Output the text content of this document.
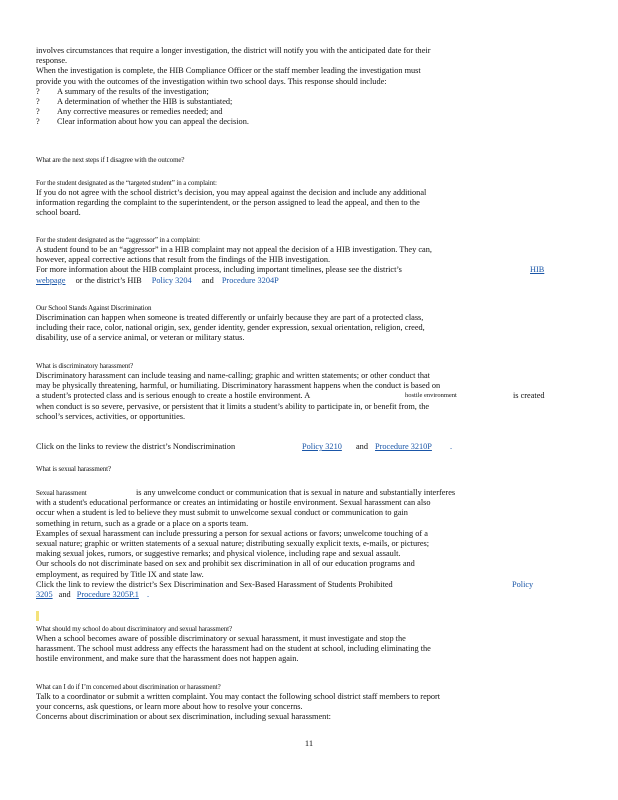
involves circumstances that require a longer investigation, the district will notify you with the anticipated date for their

response.

When the investigation is complete, the HIB Compliance Officer or the staff member leading the investigation must

provide you with the outcomes of the investigation within two school days. This response should include:

?	A summary of the results of the investigation;
?	A determination of whether the HIB is substantiated;
?	Any corrective measures or remedies needed; and
?	Clear information about how you can appeal the decision.

What are the next steps if I disagree with the outcome?

For the student designated as the “targeted student” in a complaint:

If you do not agree with the school district’s decision, you may appeal against the decision and include any additional

information regarding the complaint to the superintendent, or the person assigned to lead the appeal, and then to the

school board.

For the student designated as the “aggressor” in a complaint:

A student found to be an “aggressor” in a HIB complaint may not appeal the decision of a HIB investigation. They can,

however, appeal corrective actions that result from the findings of the HIB investigation.

For more information about the HIB complaint process, including important timelines, please see the district’s	HIB

webpage or the district’s HIB Policy 3204 and Procedure 3204P

Our School Stands Against Discrimination

Discrimination can happen when someone is treated differently or unfairly because they are part of a protected class,

including their race, color, national origin, sex, gender identity, gender expression, sexual orientation, religion, creed,

disability, use of a service animal, or veteran or military status.

What is discriminatory harassment?

Discriminatory harassment can include teasing and name-calling; graphic and written statements; or other conduct that

may be physically threatening, harmful, or humiliating. Discriminatory harassment happens when the conduct is based on

a student’s protected class and is serious enough to create a hostile environment. A	hostile environment	is created

when conduct is so severe, pervasive, or persistent that it limits a student’s ability to participate in, or benefit from, the

school’s services, activities, or opportunities.

Click on the links to review the district’s Nondiscrimination	Policy 3210 and Procedure 3210P .

What is sexual harassment?

Sexual harassment	is any unwelcome conduct or communication that is sexual in nature and substantially interferes

with a student's educational performance or creates an intimidating or hostile environment. Sexual harassment can also

occur when a student is led to believe they must submit to unwelcome sexual conduct or communication to gain

something in return, such as a grade or a place on a sports team.

Examples of sexual harassment can include pressuring a person for sexual actions or favors; unwelcome touching of a

sexual nature; graphic or written statements of a sexual nature; distributing sexually explicit texts, e-mails, or pictures;

making sexual jokes, rumors, or suggestive remarks; and physical violence, including rape and sexual assault.

Our schools do not discriminate based on sex and prohibit sex discrimination in all of our education programs and

employment, as required by Title IX and state law.

Click the link to review the district’s Sex Discrimination and Sex-Based Harassment of Students Prohibited	Policy

3205 and Procedure 3205P.1 .

What should my school do about discriminatory and sexual harassment?

When a school becomes aware of possible discriminatory or sexual harassment, it must investigate and stop the

harassment. The school must address any effects the harassment had on the student at school, including eliminating the

hostile environment, and make sure that the harassment does not happen again.

What can I do if I’m concerned about discrimination or harassment?

Talk to a coordinator or submit a written complaint. You may contact the following school district staff members to report

your concerns, ask questions, or learn more about how to resolve your concerns.

Concerns about discrimination or about sex discrimination, including sexual harassment:

11
